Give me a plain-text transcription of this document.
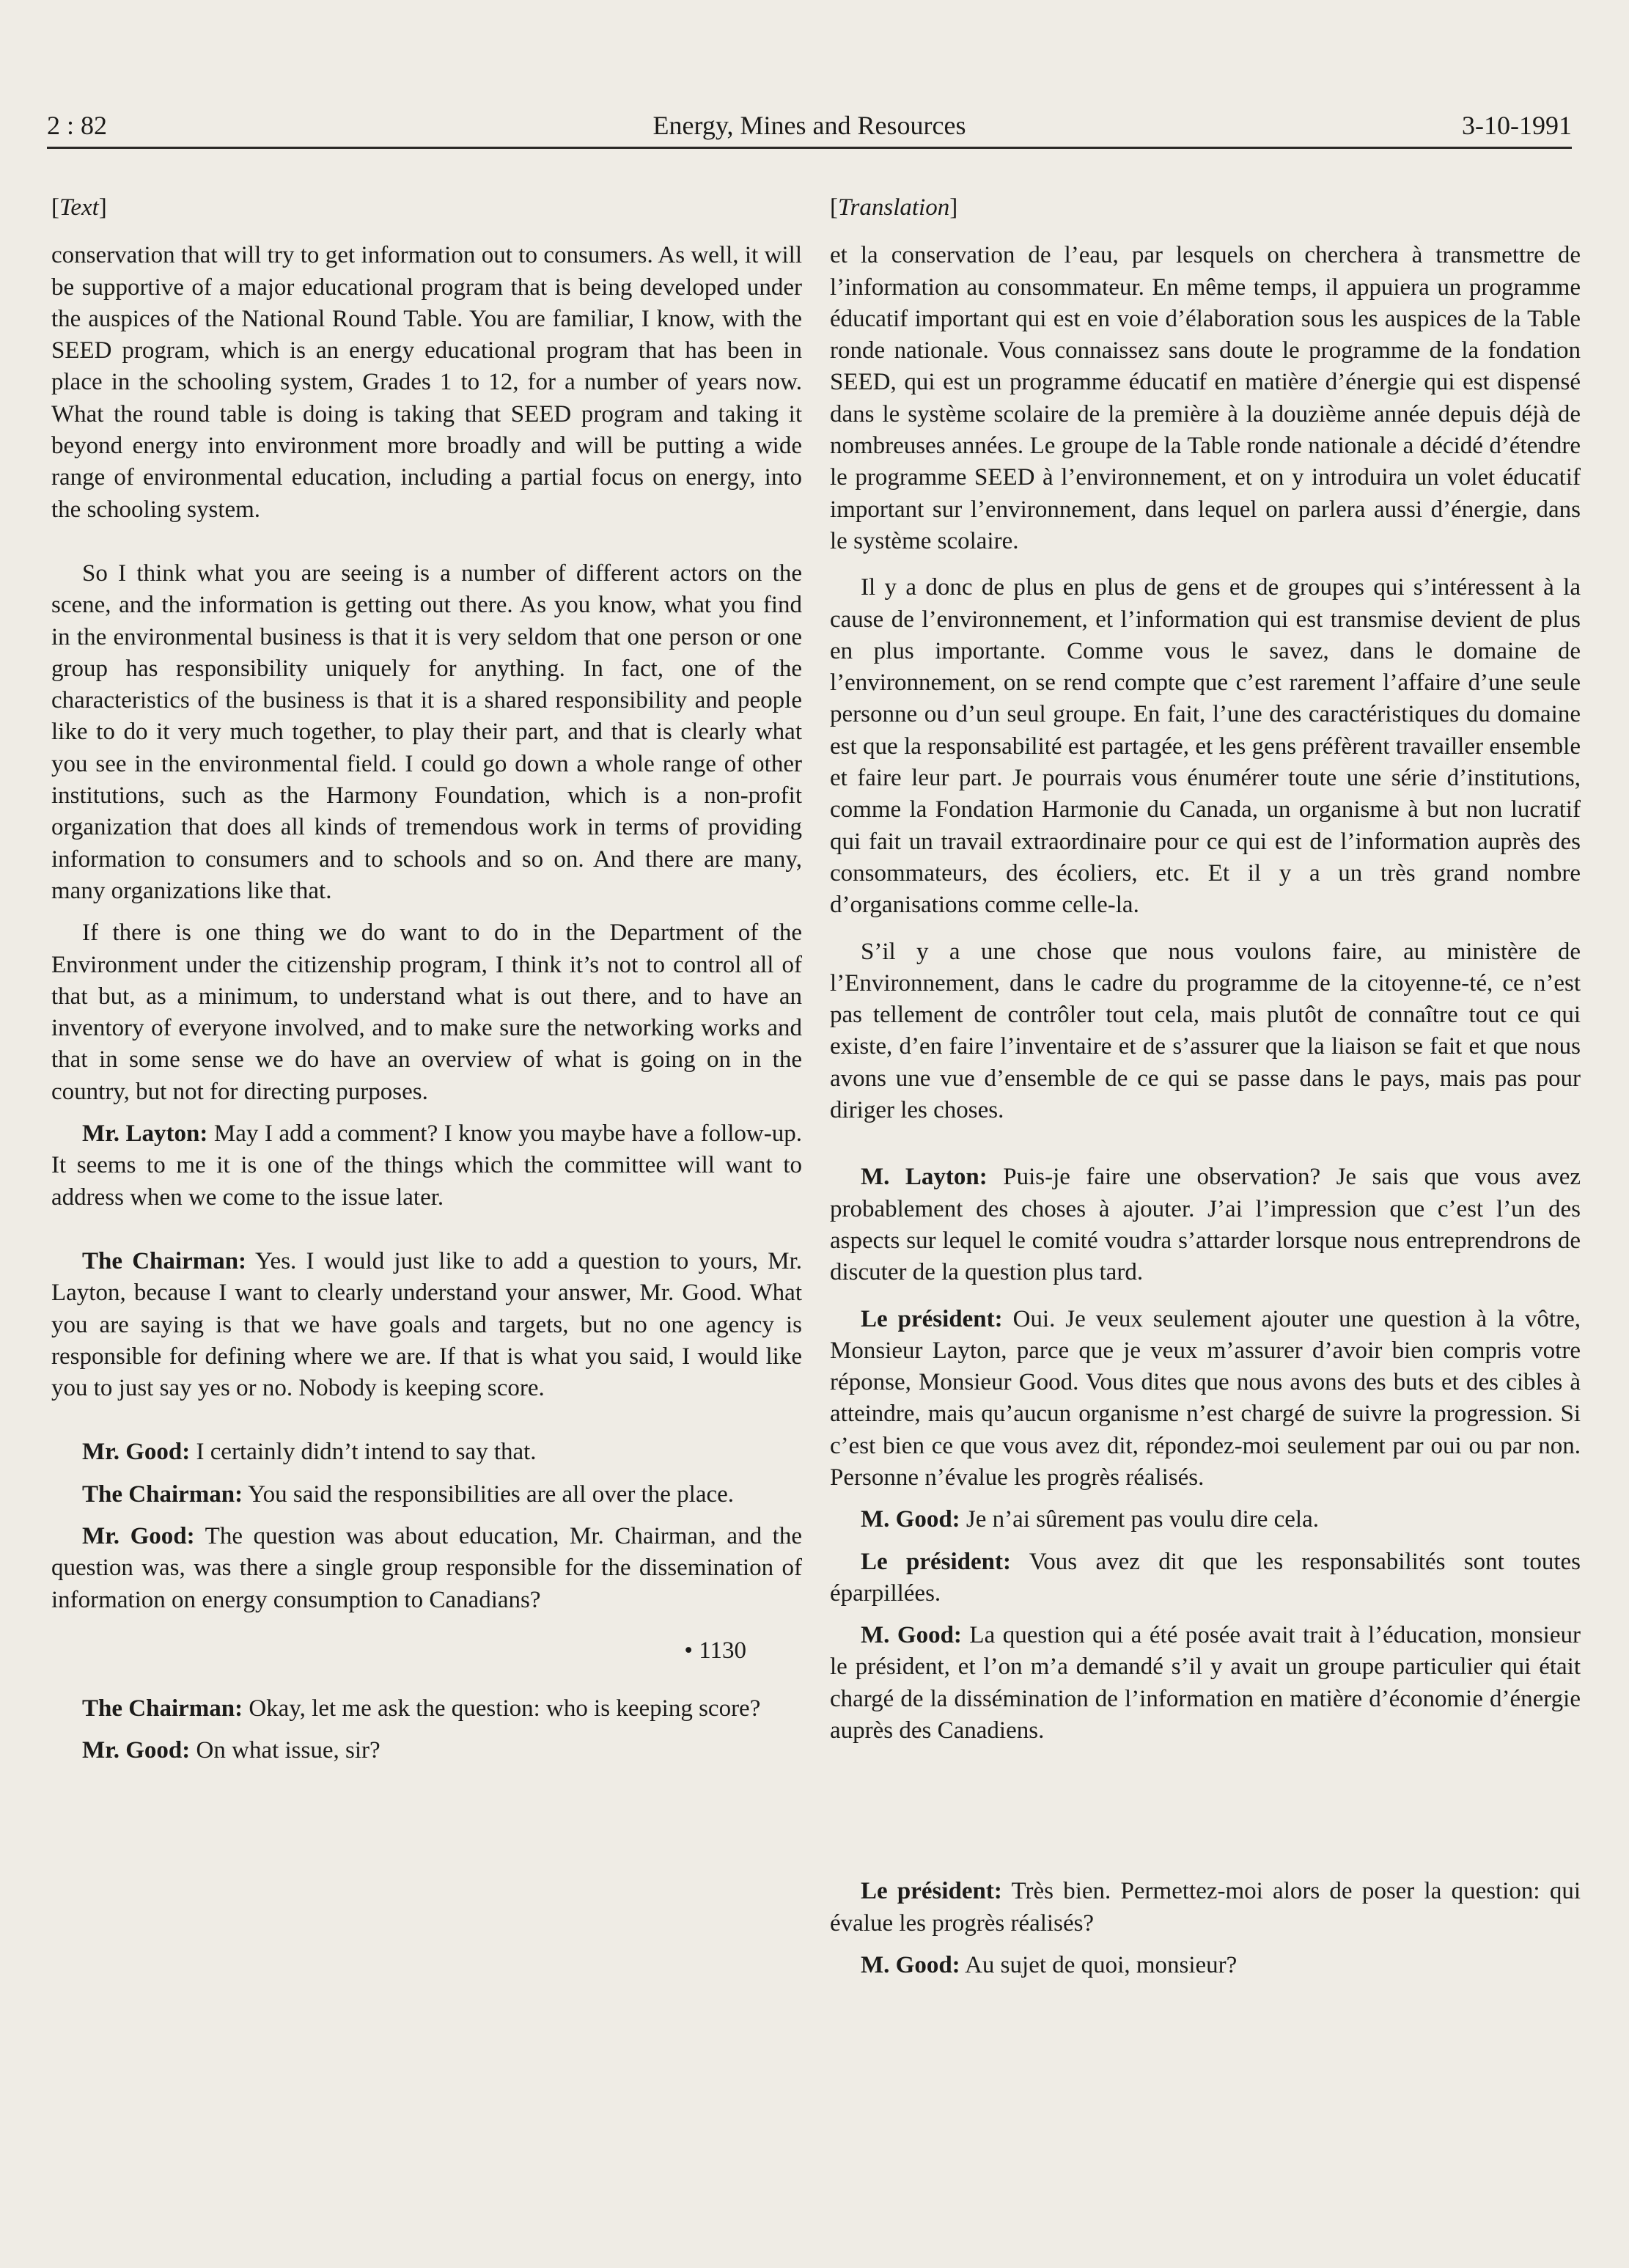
2 : 82	Energy, Mines and Resources	3-10-1991
[Text]

conservation that will try to get information out to consumers. As well, it will be supportive of a major educational program that is being developed under the auspices of the National Round Table. You are familiar, I know, with the SEED program, which is an energy educational program that has been in place in the schooling system, Grades 1 to 12, for a number of years now. What the round table is doing is taking that SEED program and taking it beyond energy into environment more broadly and will be putting a wide range of environmental education, including a partial focus on energy, into the schooling system.

So I think what you are seeing is a number of different actors on the scene, and the information is getting out there. As you know, what you find in the environmental business is that it is very seldom that one person or one group has responsibility uniquely for anything. In fact, one of the characteristics of the business is that it is a shared responsibility and people like to do it very much together, to play their part, and that is clearly what you see in the environmental field. I could go down a whole range of other institutions, such as the Harmony Foundation, which is a non-profit organization that does all kinds of tremendous work in terms of providing information to consumers and to schools and so on. And there are many, many organizations like that.

If there is one thing we do want to do in the Department of the Environment under the citizenship program, I think it’s not to control all of that but, as a minimum, to understand what is out there, and to have an inventory of everyone involved, and to make sure the networking works and that in some sense we do have an overview of what is going on in the country, but not for directing purposes.

Mr. Layton: May I add a comment? I know you maybe have a follow-up. It seems to me it is one of the things which the committee will want to address when we come to the issue later.

The Chairman: Yes. I would just like to add a question to yours, Mr. Layton, because I want to clearly understand your answer, Mr. Good. What you are saying is that we have goals and targets, but no one agency is responsible for defining where we are. If that is what you said, I would like you to just say yes or no. Nobody is keeping score.

Mr. Good: I certainly didn’t intend to say that.

The Chairman: You said the responsibilities are all over the place.

Mr. Good: The question was about education, Mr. Chairman, and the question was, was there a single group responsible for the dissemination of information on energy consumption to Canadians?

• 1130

The Chairman: Okay, let me ask the question: who is keeping score?

Mr. Good: On what issue, sir?

[Translation]

et la conservation de l’eau, par lesquels on cherchera à transmettre de l’information au consommateur. En même temps, il appuiera un programme éducatif important qui est en voie d’élaboration sous les auspices de la Table ronde nationale. Vous connaissez sans doute le programme de la fondation SEED, qui est un programme éducatif en matière d’énergie qui est dispensé dans le système scolaire de la première à la douzième année depuis déjà de nombreuses années. Le groupe de la Table ronde nationale a décidé d’étendre le programme SEED à l’environnement, et on y introduira un volet éducatif important sur l’environnement, dans lequel on parlera aussi d’énergie, dans le système scolaire.

Il y a donc de plus en plus de gens et de groupes qui s’intéressent à la cause de l’environnement, et l’information qui est transmise devient de plus en plus importante. Comme vous le savez, dans le domaine de l’environnement, on se rend compte que c’est rarement l’affaire d’une seule personne ou d’un seul groupe. En fait, l’une des caractéristiques du domaine est que la responsabilité est partagée, et les gens préfèrent travailler ensemble et faire leur part. Je pourrais vous énumérer toute une série d’institutions, comme la Fondation Harmonie du Canada, un organisme à but non lucratif qui fait un travail extraordinaire pour ce qui est de l’information auprès des consommateurs, des écoliers, etc. Et il y a un très grand nombre d’organisations comme celle-la.

S’il y a une chose que nous voulons faire, au ministère de l’Environnement, dans le cadre du programme de la citoyenne-té, ce n’est pas tellement de contrôler tout cela, mais plutôt de connaître tout ce qui existe, d’en faire l’inventaire et de s’assurer que la liaison se fait et que nous avons une vue d’ensemble de ce qui se passe dans le pays, mais pas pour diriger les choses.

M. Layton: Puis-je faire une observation? Je sais que vous avez probablement des choses à ajouter. J’ai l’impression que c’est l’un des aspects sur lequel le comité voudra s’attarder lorsque nous entreprendrons de discuter de la question plus tard.

Le président: Oui. Je veux seulement ajouter une question à la vôtre, Monsieur Layton, parce que je veux m’assurer d’avoir bien compris votre réponse, Monsieur Good. Vous dites que nous avons des buts et des cibles à atteindre, mais qu’aucun organisme n’est chargé de suivre la progression. Si c’est bien ce que vous avez dit, répondez-moi seulement par oui ou par non. Personne n’évalue les progrès réalisés.

M. Good: Je n’ai sûrement pas voulu dire cela.

Le président: Vous avez dit que les responsabilités sont toutes éparpillées.

M. Good: La question qui a été posée avait trait à l’éducation, monsieur le président, et l’on m’a demandé s’il y avait un groupe particulier qui était chargé de la dissémination de l’information en matière d’économie d’énergie auprès des Canadiens.

Le président: Très bien. Permettez-moi alors de poser la question: qui évalue les progrès réalisés?

M. Good: Au sujet de quoi, monsieur?
